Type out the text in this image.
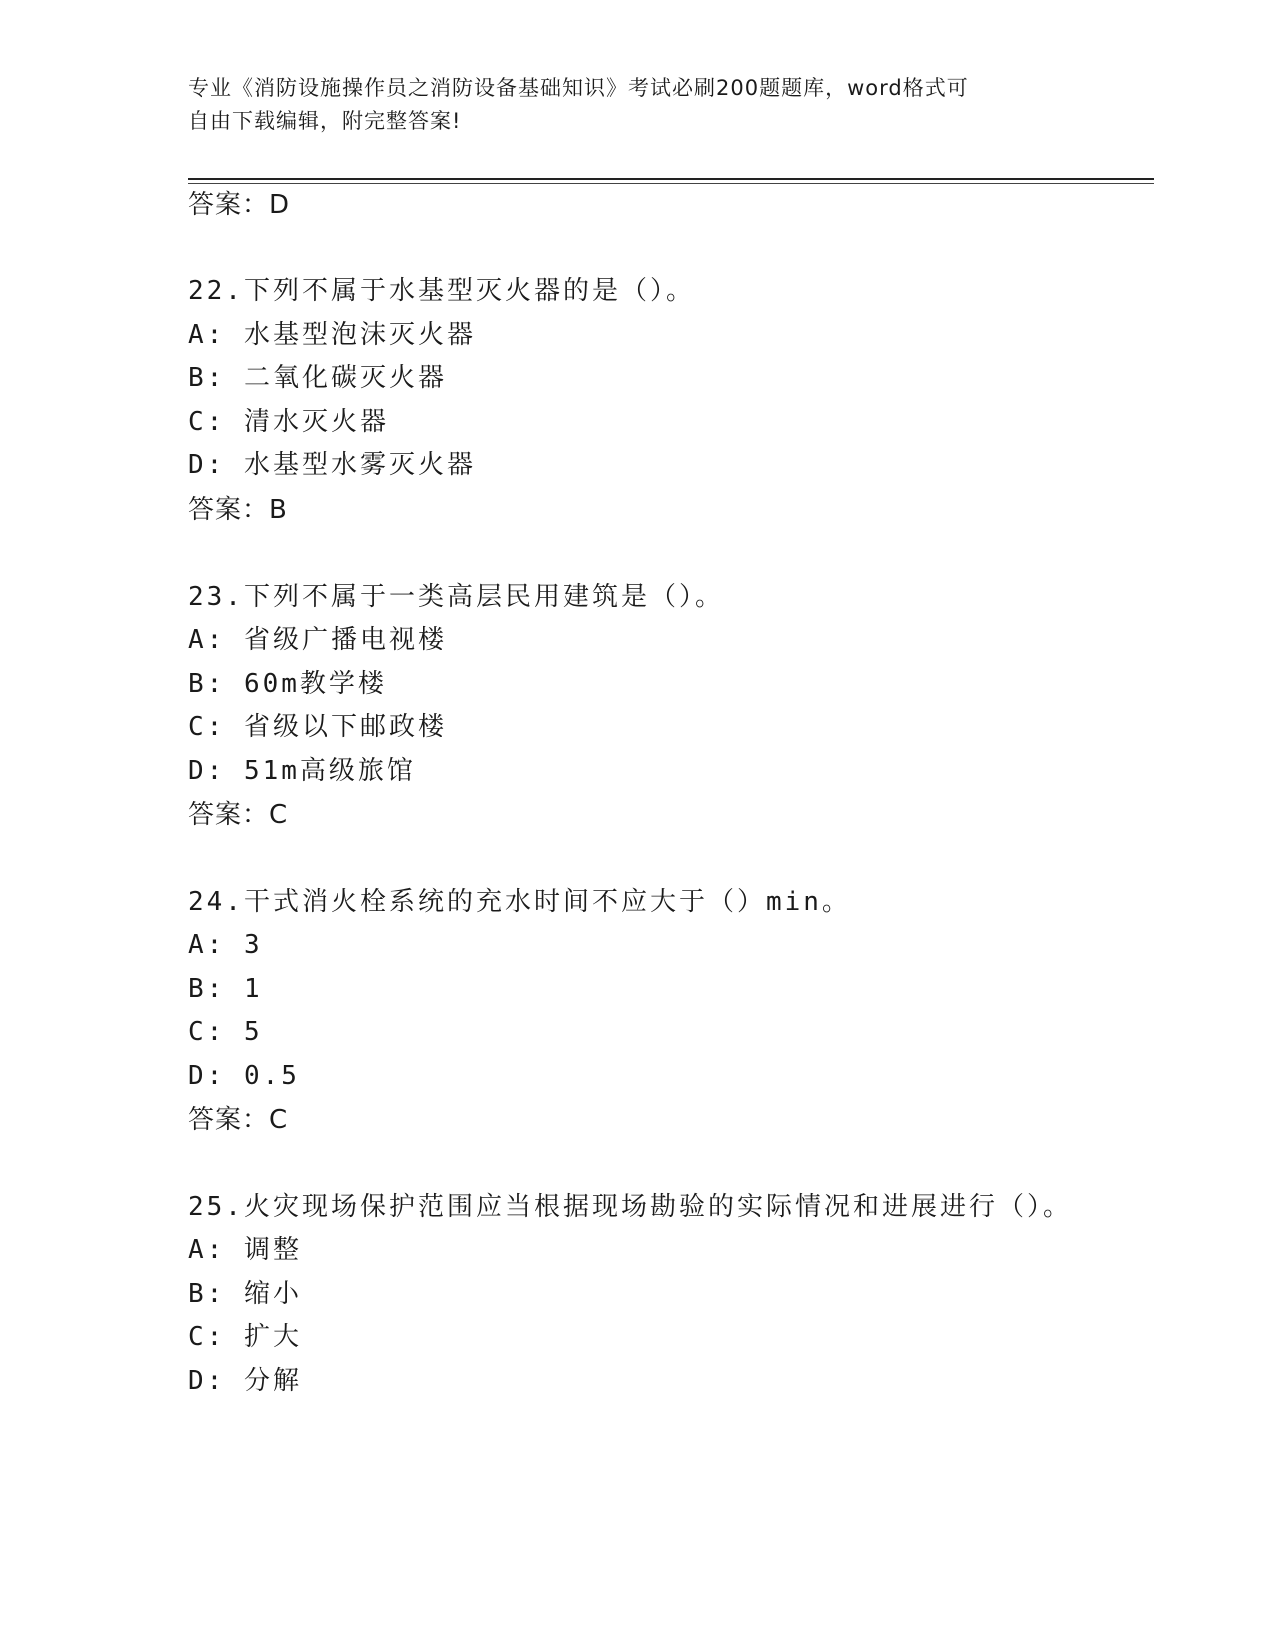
专业《消防设施操作员之消防设备基础知识》考试必刷200题题库，word格式可
自由下载编辑，附完整答案!
答案：D
22.下列不属于水基型灭火器的是（）。
A: 水基型泡沫灭火器
B: 二氧化碳灭火器
C: 清水灭火器
D: 水基型水雾灭火器
答案：B
23.下列不属于一类高层民用建筑是（）。
A: 省级广播电视楼
B: 60m教学楼
C: 省级以下邮政楼
D: 51m高级旅馆
答案：C
24.干式消火栓系统的充水时间不应大于（）min。
A: 3
B: 1
C: 5
D: 0.5
答案：C
25.火灾现场保护范围应当根据现场勘验的实际情况和进展进行（）。
A: 调整
B: 缩小
C: 扩大
D: 分解
